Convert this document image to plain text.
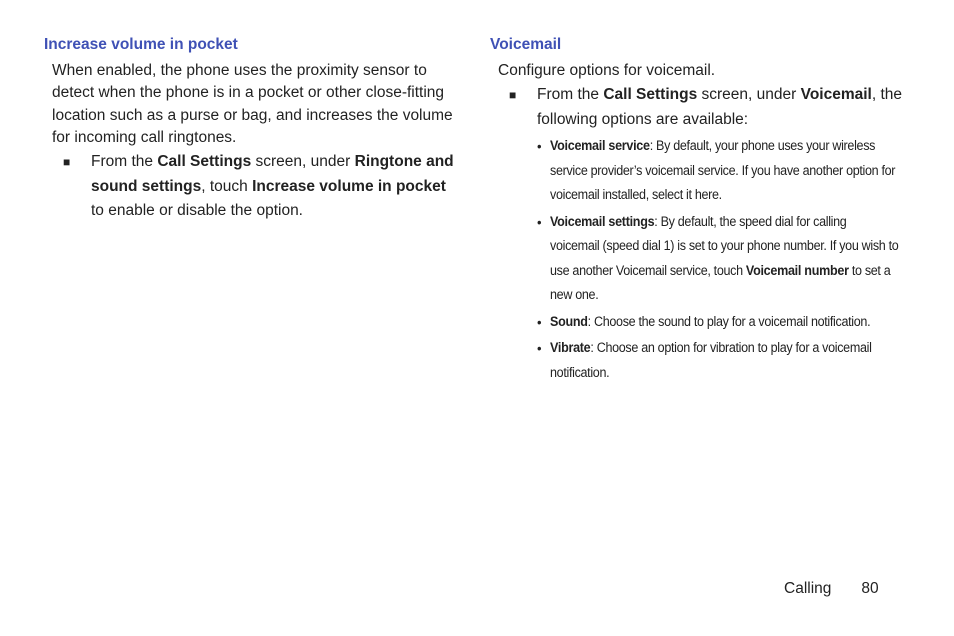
Increase volume in pocket

When enabled, the phone uses the proximity sensor to detect when the phone is in a pocket or other close-fitting location such as a purse or bag, and increases the volume for incoming call ringtones.

■ From the Call Settings screen, under Ringtone and sound settings, touch Increase volume in pocket to enable or disable the option.
Voicemail

Configure options for voicemail.

■ From the Call Settings screen, under Voicemail, the following options are available:
• Voicemail service: By default, your phone uses your wireless service provider’s voicemail service. If you have another option for voicemail installed, select it here.
• Voicemail settings: By default, the speed dial for calling voicemail (speed dial 1) is set to your phone number. If you wish to use another Voicemail service, touch Voicemail number to set a new one.
• Sound: Choose the sound to play for a voicemail notification.
• Vibrate: Choose an option for vibration to play for a voicemail notification.
Calling 80
